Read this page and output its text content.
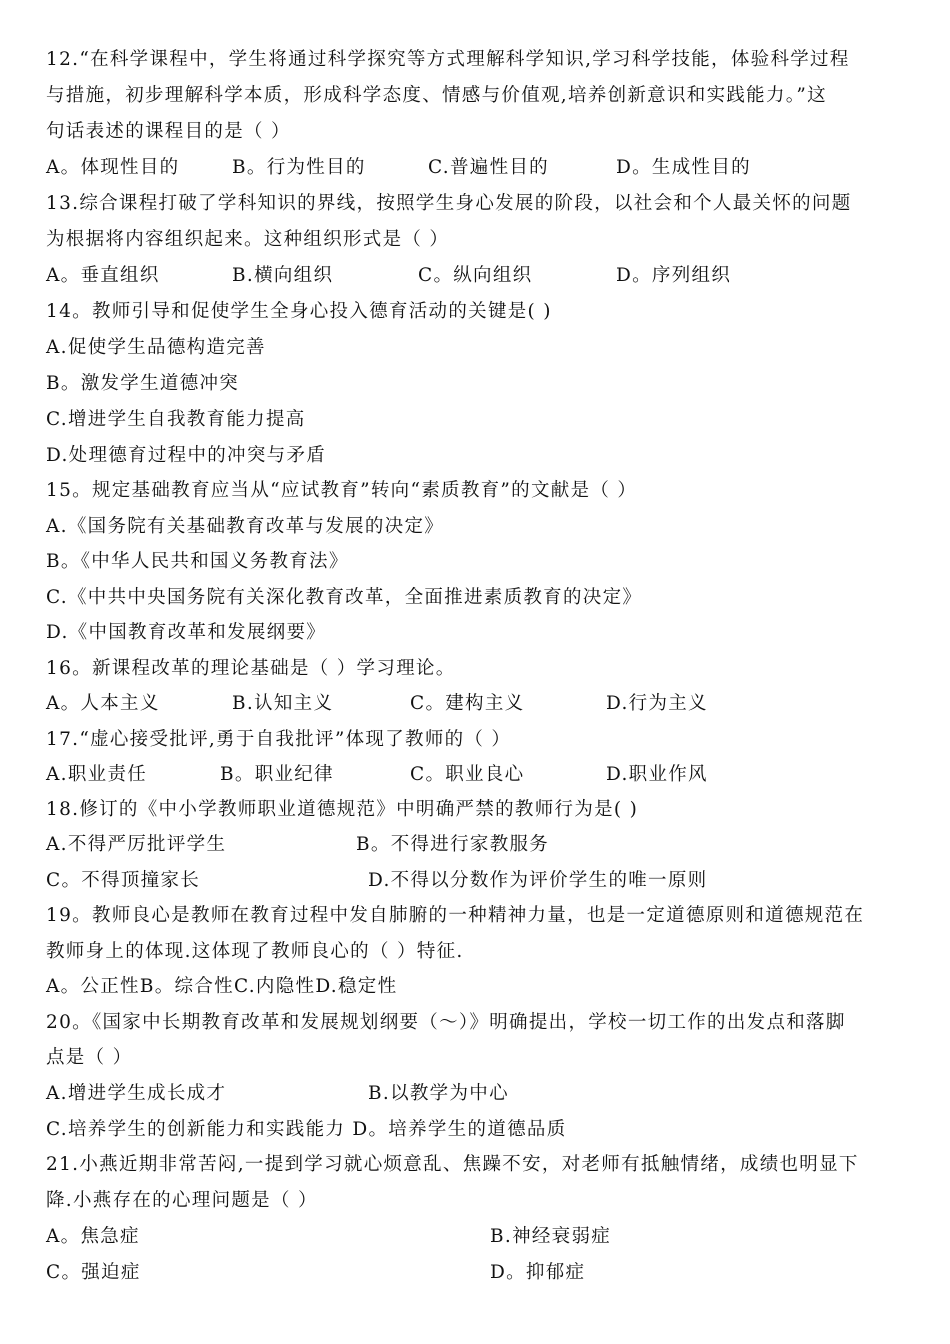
12.“在科学课程中，学生将通过科学探究等方式理解科学知识,学习科学技能，体验科学过程

与措施，初步理解科学本质，形成科学态度、情感与价值观,培养创新意识和实践能力。”这

句话表述的课程目的是（ ）

A。体现性目的	B。行为性目的	C.普遍性目的	D。生成性目的

13.综合课程打破了学科知识的界线，按照学生身心发展的阶段，以社会和个人最关怀的问题

为根据将内容组织起来。这种组织形式是（ ）

A。垂直组织	B.横向组织	C。纵向组织	D。序列组织

14。教师引导和促使学生全身心投入德育活动的关键是( )

A.促使学生品德构造完善

B。激发学生道德冲突

C.增进学生自我教育能力提高

D.处理德育过程中的冲突与矛盾

15。规定基础教育应当从“应试教育”转向“素质教育”的文献是（ ）

A.《国务院有关基础教育改革与发展的决定》

B。《中华人民共和国义务教育法》

C.《中共中央国务院有关深化教育改革，全面推进素质教育的决定》

D.《中国教育改革和发展纲要》

16。新课程改革的理论基础是（ ）学习理论。

A。人本主义	B.认知主义	C。建构主义	D.行为主义

17.“虚心接受批评,勇于自我批评”体现了教师的（ ）

A.职业责任	B。职业纪律	C。职业良心	D.职业作风

18.修订的《中小学教师职业道德规范》中明确严禁的教师行为是( )

A.不得严厉批评学生	B。不得进行家教服务
C。不得顶撞家长	D.不得以分数作为评价学生的唯一原则

19。教师良心是教师在教育过程中发自肺腑的一种精神力量，也是一定道德原则和道德规范在

教师身上的体现.这体现了教师良心的（ ）特征.

A。公正性B。综合性C.内隐性D.稳定性

20。《国家中长期教育改革和发展规划纲要（～）》明确提出，学校一切工作的出发点和落脚

点是（ ）

A.增进学生成长成才	B.以教学为中心

C.培养学生的创新能力和实践能力 D。培养学生的道德品质

21.小燕近期非常苦闷,一提到学习就心烦意乱、焦躁不安，对老师有抵触情绪，成绩也明显下

降.小燕存在的心理问题是（ ）

A。焦急症	B.神经衰弱症
C。强迫症	D。抑郁症
